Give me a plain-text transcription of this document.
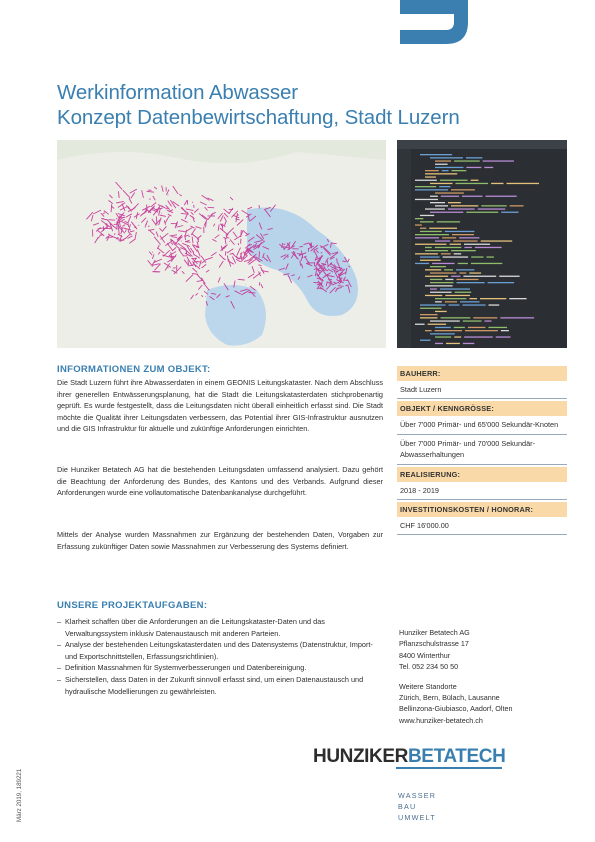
Werkinformation Abwasser
Konzept Datenbewirtschaftung, Stadt Luzern
INFORMATIONEN ZUM OBJEKT:
Die Stadt Luzern führt ihre Abwasserdaten in einem GEONIS Leitungskataster. Nach dem Abschluss ihrer generellen Entwässerungsplanung, hat die Stadt die Leitungskatasterdaten stichprobenartig geprüft. Es wurde festgestellt, dass die Leitungsdaten nicht überall einheitlich erfasst sind. Die Stadt möchte die Qualität ihrer Leitungsdaten verbessern, das Potential ihrer GIS-Infrastruktur ausnutzen und die GIS Infrastruktur für aktuelle und zukünftige Anforderungen einrichten.
Die Hunziker Betatech AG hat die bestehenden Leitungsdaten umfassend analysiert. Dazu gehört die Beachtung der Anforderung des Bundes, des Kantons und des Verbands. Aufgrund dieser Anforderungen wurde eine vollautomatische Datenbankanalyse durchgeführt.
Mittels der Analyse wurden Massnahmen zur Ergänzung der bestehenden Daten, Vorgaben zur Erfassung zukünftiger Daten sowie Massnahmen zur Verbesserung des Systems definiert.
BAUHERR:
Stadt Luzern
OBJEKT / KENNGRÖSSE:
Über 7'000 Primär- und 65'000 Sekundär-Knoten
Über 7'000 Primär- und 70'000 Sekundär-Abwasserhaltungen
REALISIERUNG:
2018 - 2019
INVESTITIONSKOSTEN / HONORAR:
CHF 16'000.00
UNSERE PROJEKTAUFGABEN:
– Klarheit schaffen über die Anforderungen an die Leitungskataster-Daten und das Verwaltungssystem inklusiv Datenaustausch mit anderen Parteien.
– Analyse der bestehenden Leitungskatasterdaten und des Datensystems (Datenstruktur, Import- und Exportschnittstellen, Erfassungsrichtlinien).
– Definition Massnahmen für Systemverbesserungen und Datenbereinigung.
– Sicherstellen, dass Daten in der Zukunft sinnvoll erfasst sind, um einen Datenaustausch und hydraulische Modellierungen zu gewährleisten.
Hunziker Betatech AG
Pflanzschulstrasse 17
8400 Winterthur
Tel. 052 234 50 50
Weitere Standorte
Zürich, Bern, Bülach, Lausanne
Bellinzona-Giubiasco, Aadorf, Olten
www.hunziker-betatech.ch
HUNZIKERBETATECH
WASSER
BAU
UMWELT
März 2019, 189221
